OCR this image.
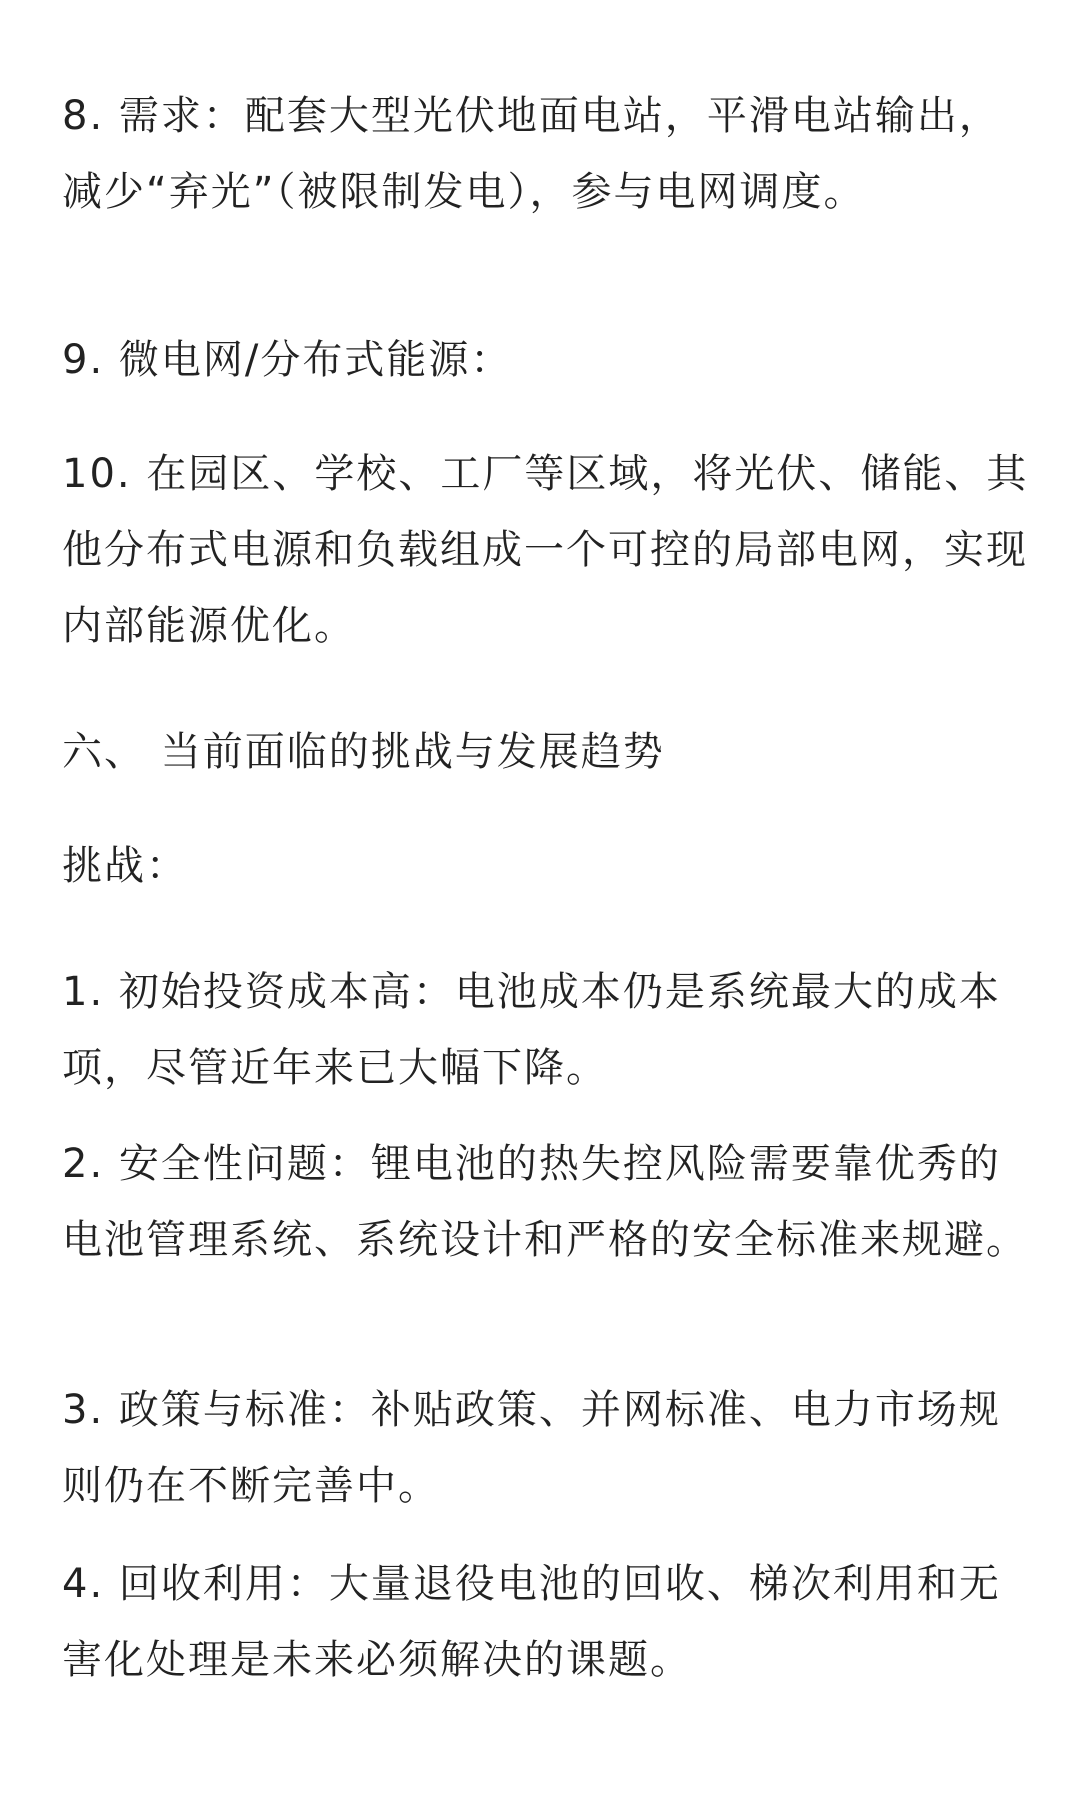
8. 需求：配套大型光伏地面电站，平滑电站输出，减少“弃光”（被限制发电），参与电网调度。

9. 微电网/分布式能源：

10. 在园区、学校、工厂等区域，将光伏、储能、其他分布式电源和负载组成一个可控的局部电网，实现内部能源优化。

六、 当前面临的挑战与发展趋势

挑战：

1. 初始投资成本高：电池成本仍是系统最大的成本项，尽管近年来已大幅下降。

2. 安全性问题：锂电池的热失控风险需要靠优秀的电池管理系统、系统设计和严格的安全标准来规避。

3. 政策与标准：补贴政策、并网标准、电力市场规则仍在不断完善中。

4. 回收利用：大量退役电池的回收、梯次利用和无害化处理是未来必须解决的课题。
